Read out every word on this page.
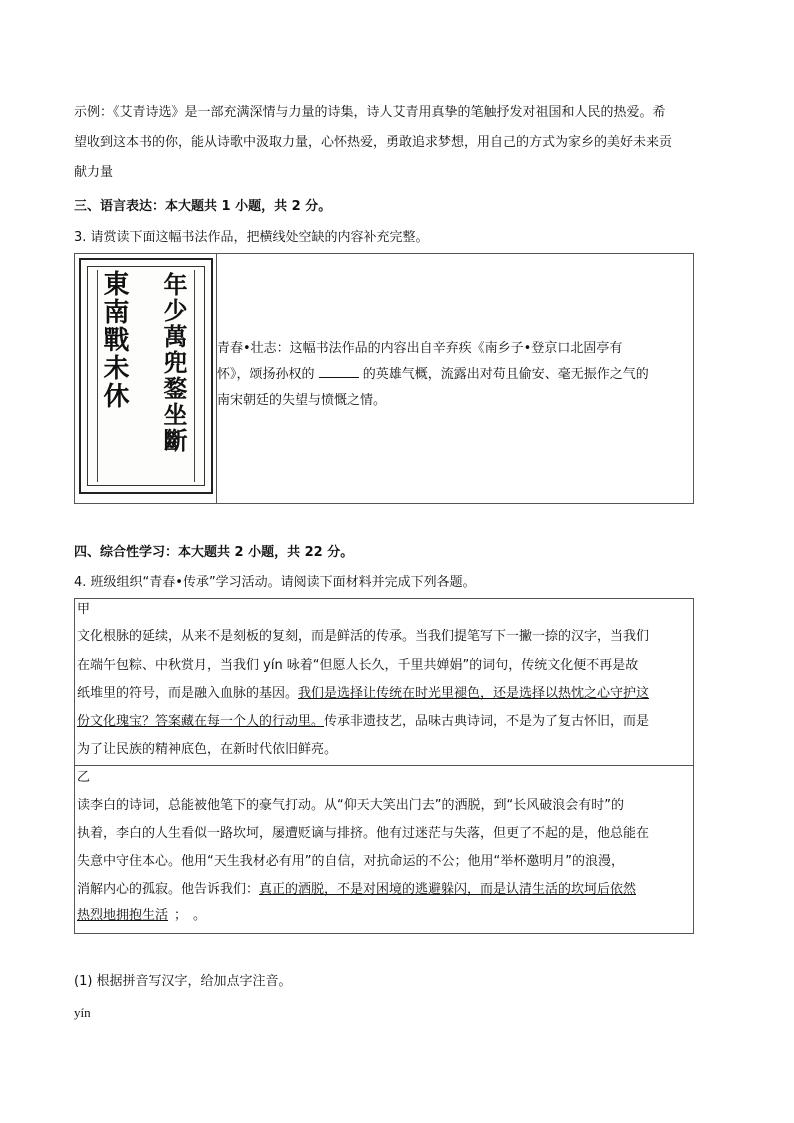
示例：《艾青诗选》是一部充满深情与力量的诗集，诗人艾青用真挚的笔触抒发对祖国和人民的热爱。希
望收到这本书的你，能从诗歌中汲取力量，心怀热爱，勇敢追求梦想，用自己的方式为家乡的美好未来贡
献力量
三、语言表达：本大题共 1 小题，共 2 分。
3. 请赏读下面这幅书法作品，把横线处空缺的内容补充完整。
東南戰未休 年少萬兜鍪坐斷 青春•壮志：这幅书法作品的内容出自辛弃疾《南乡子•登京口北固亭有
怀》，颂扬孙权的	的英雄气概，流露出对苟且偷安、毫无振作之气的
南宋朝廷的失望与愤慨之情。
四、综合性学习：本大题共 2 小题，共 22 分。
4. 班级组织“青春•传承”学习活动。请阅读下面材料并完成下列各题。
甲
文化根脉的延续，从来不是刻板的复刻，而是鲜活的传承。当我们提笔写下一撇一捺的汉字，当我们
在端午包粽、中秋赏月，当我们 yín 咏着“但愿人长久，千里共婵娟”的词句，传统文化便不再是故
纸堆里的符号，而是融入血脉的基因。我们是选择让传统在时光里褪色，还是选择以热忱之心守护这
份文化瑰宝？答案藏在每一个人的行动里。传承非遗技艺，品味古典诗词，不是为了复古怀旧，而是
为了让民族的精神底色，在新时代依旧鲜亮。
乙
读李白的诗词，总能被他笔下的豪气打动。从“仰天大笑出门去”的洒脱，到“长风破浪会有时”的
执着，李白的人生看似一路坎坷，屡遭贬谪与排挤。他有过迷茫与失落，但更了不起的是，他总能在
失意中守住本心。他用“天生我材必有用”的自信，对抗命运的不公；他用“举杯邀明月”的浪漫，
消解内心的孤寂。他告诉我们：真正的洒脱，不是对困境的逃避躲闪，而是认清生活的坎坷后依然
热烈地拥抱生活 ； 。
(1) 根据拼音写汉字，给加点字注音。
yín
